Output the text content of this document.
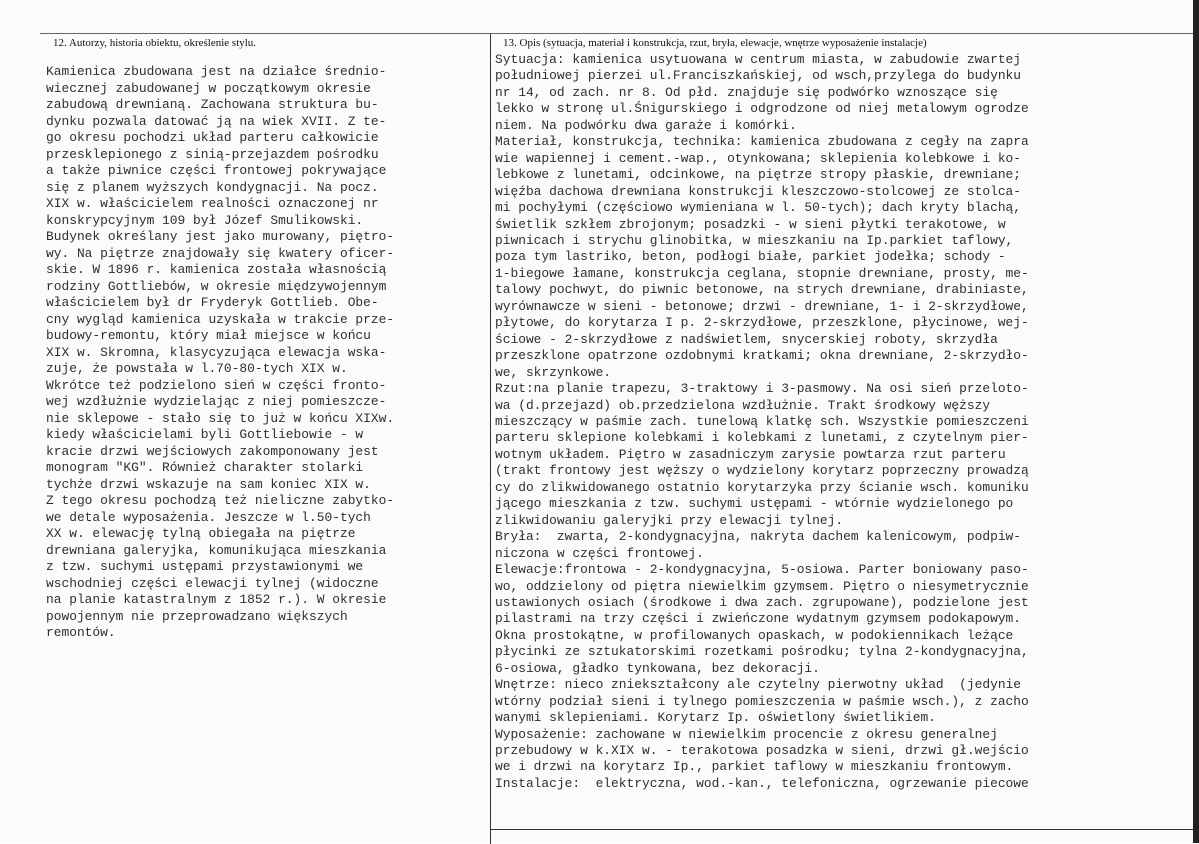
12. Autorzy, historia obiektu, określenie stylu.	13. Opis (sytuacja, materiał i konstrukcja, rzut, bryła, elewacje, wnętrze wyposażenie instalacje)
Kamienica zbudowana jest na działce średnio-
wiecznej zabudowanej w początkowym okresie
zabudową drewnianą. Zachowana struktura bu-
dynku pozwala datować ją na wiek XVII. Z te-
go okresu pochodzi układ parteru całkowicie
przesklepionego z sinią-przejazdem pośrodku
a także piwnice części frontowej pokrywające
się z planem wyższych kondygnacji. Na pocz.
XIX w. właścicielem realności oznaczonej nr
konskrypcyjnym 109 był Józef Smulikowski.
Budynek określany jest jako murowany, piętro-
wy. Na piętrze znajdowały się kwatery oficer-
skie. W 1896 r. kamienica została własnością
rodziny Gottliebów, w okresie międzywojennym
właścicielem był dr Fryderyk Gottlieb. Obe-
cny wygląd kamienica uzyskała w trakcie prze-
budowy-remontu, który miał miejsce w końcu
XIX w. Skromna, klasycyzująca elewacja wska-
zuje, że powstała w l.70-80-tych XIX w.
Wkrótce też podzielono sień w części fronto-
wej wzdłużnie wydzielając z niej pomieszcze-
nie sklepowe - stało się to już w końcu XIXw.
kiedy właścicielami byli Gottliebowie - w
kracie drzwi wejściowych zakomponowany jest
monogram "KG". Również charakter stolarki
tychże drzwi wskazuje na sam koniec XIX w.
Z tego okresu pochodzą też nieliczne zabytko-
we detale wyposażenia. Jeszcze w l.50-tych
XX w. elewację tylną obiegała na piętrze
drewniana galeryjka, komunikująca mieszkania
z tzw. suchymi ustępami przystawionymi we
wschodniej części elewacji tylnej (widoczne
na planie katastralnym z 1852 r.). W okresie
powojennym nie przeprowadzano większych
remontów.
Sytuacja: kamienica usytuowana w centrum miasta, w zabudowie zwartej
południowej pierzei ul.Franciszkańskiej, od wsch,przylega do budynku
nr 14, od zach. nr 8. Od płd. znajduje się podwórko wznoszące się
lekko w stronę ul.Śnigurskiego i odgrodzone od niej metalowym ogrodze
niem. Na podwórku dwa garaże i komórki.
Materiał, konstrukcja, technika: kamienica zbudowana z cegły na zapra
wie wapiennej i cement.-wap., otynkowana; sklepienia kolebkowe i ko-
lebkowe z lunetami, odcinkowe, na piętrze stropy płaskie, drewniane;
więźba dachowa drewniana konstrukcji kleszczowo-stolcowej ze stolca-
mi pochyłymi (częściowo wymieniana w l. 50-tych); dach kryty blachą,
świetlik szkłem zbrojonym; posadzki - w sieni płytki terakotowe, w
piwnicach i strychu glinobitka, w mieszkaniu na Ip.parkiet taflowy,
poza tym lastriko, beton, podłogi białe, parkiet jodełka; schody -
1-biegowe łamane, konstrukcja ceglana, stopnie drewniane, prosty, me-
talowy pochwyt, do piwnic betonowe, na strych drewniane, drabiniaste,
wyrównawcze w sieni - betonowe; drzwi - drewniane, 1- i 2-skrzydłowe,
płytowe, do korytarza I p. 2-skrzydłowe, przeszklone, płycinowe, wej-
ściowe - 2-skrzydłowe z nadświetlem, snycerskiej roboty, skrzydła
przeszklone opatrzone ozdobnymi kratkami; okna drewniane, 2-skrzydło-
we, skrzynkowe.
Rzut:na planie trapezu, 3-traktowy i 3-pasmowy. Na osi sień przeloto-
wa (d.przejazd) ob.przedzielona wzdłużnie. Trakt środkowy węższy
mieszczący w paśmie zach. tunelową klatkę sch. Wszystkie pomieszczeni
parteru sklepione kolebkami i kolebkami z lunetami, z czytelnym pier-
wotnym układem. Piętro w zasadniczym zarysie powtarza rzut parteru
(trakt frontowy jest węższy o wydzielony korytarz poprzeczny prowadzą
cy do zlikwidowanego ostatnio korytarzyka przy ścianie wsch. komuniku
jącego mieszkania z tzw. suchymi ustępami - wtórnie wydzielonego po
zlikwidowaniu galeryjki przy elewacji tylnej.
Bryła:  zwarta, 2-kondygnacyjna, nakryta dachem kalenicowym, podpiw-
niczona w części frontowej.
Elewacje:frontowa - 2-kondygnacyjna, 5-osiowa. Parter boniowany paso-
wo, oddzielony od piętra niewielkim gzymsem. Piętro o niesymetrycznie
ustawionych osiach (środkowe i dwa zach. zgrupowane), podzielone jest
pilastrami na trzy części i zwieńczone wydatnym gzymsem podokapowym.
Okna prostokątne, w profilowanych opaskach, w podokiennikach leżące
płycinki ze sztukatorskimi rozetkami pośrodku; tylna 2-kondygnacyjna,
6-osiowa, gładko tynkowana, bez dekoracji.
Wnętrze: nieco zniekształcony ale czytelny pierwotny układ  (jedynie
wtórny podział sieni i tylnego pomieszczenia w paśmie wsch.), z zacho
wanymi sklepieniami. Korytarz Ip. oświetlony świetlikiem.
Wyposażenie: zachowane w niewielkim procencie z okresu generalnej
przebudowy w k.XIX w. - terakotowa posadzka w sieni, drzwi gł.wejścio
we i drzwi na korytarz Ip., parkiet taflowy w mieszkaniu frontowym.
Instalacje:  elektryczna, wod.-kan., telefoniczna, ogrzewanie piecowe
